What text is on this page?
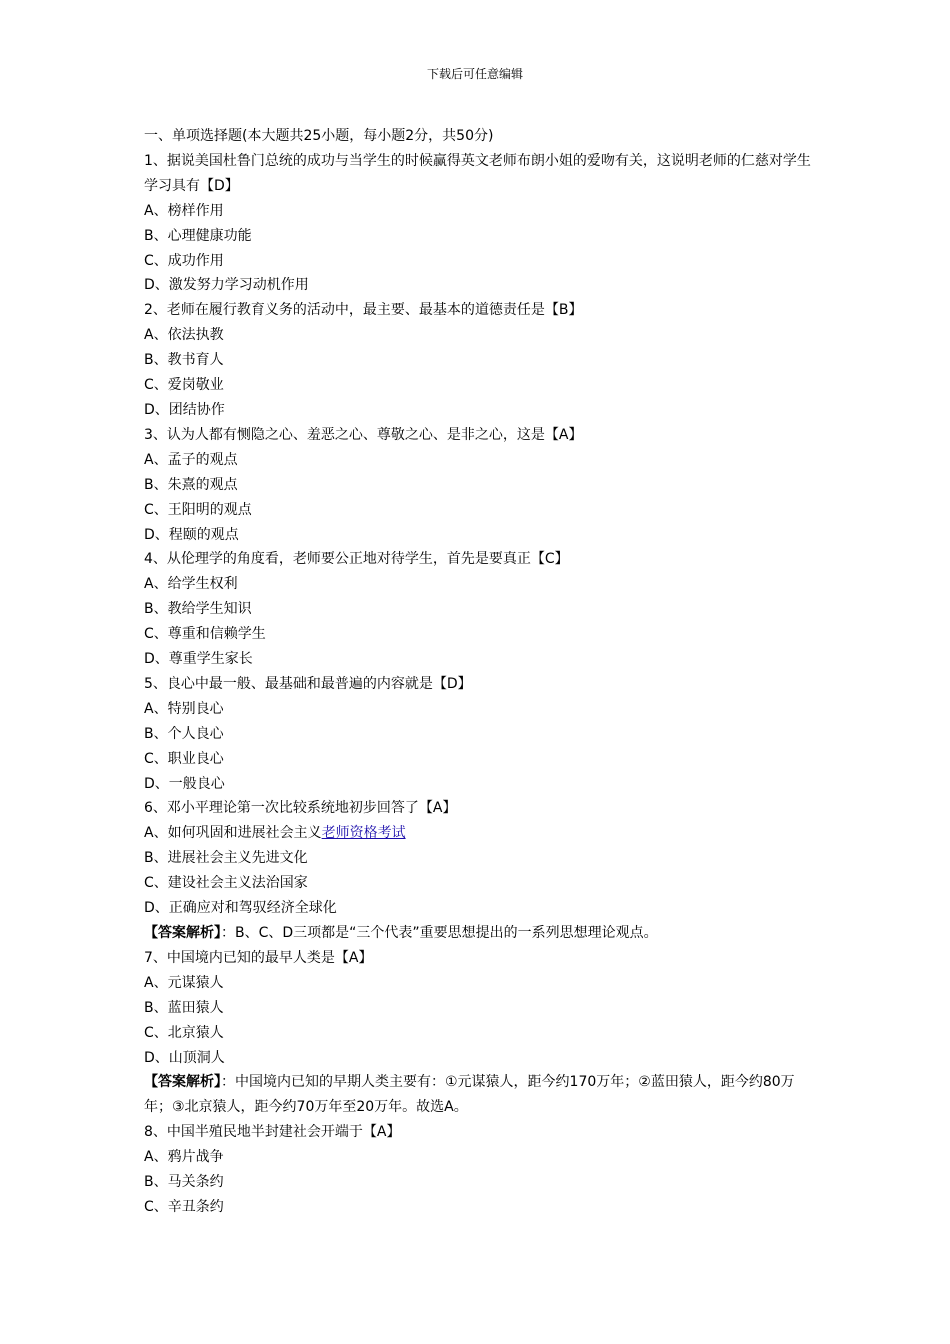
下载后可任意编辑
一、单项选择题(本大题共25小题，每小题2分，共50分)
1、据说美国杜鲁门总统的成功与当学生的时候赢得英文老师布朗小姐的爱吻有关，这说明老师的仁慈对学生学习具有【D】
A、榜样作用
B、心理健康功能
C、成功作用
D、激发努力学习动机作用
2、老师在履行教育义务的活动中，最主要、最基本的道德责任是【B】
A、依法执教
B、教书育人
C、爱岗敬业
D、团结协作
3、认为人都有恻隐之心、羞恶之心、尊敬之心、是非之心，这是【A】
A、孟子的观点
B、朱熹的观点
C、王阳明的观点
D、程颐的观点
4、从伦理学的角度看，老师要公正地对待学生，首先是要真正【C】
A、给学生权利
B、教给学生知识
C、尊重和信赖学生
D、尊重学生家长
5、良心中最一般、最基础和最普遍的内容就是【D】
A、特别良心
B、个人良心
C、职业良心
D、一般良心
6、邓小平理论第一次比较系统地初步回答了【A】
A、如何巩固和进展社会主义老师资格考试
B、进展社会主义先进文化
C、建设社会主义法治国家
D、正确应对和驾驭经济全球化
【答案解析】：B、C、D三项都是“三个代表”重要思想提出的一系列思想理论观点。
7、中国境内已知的最早人类是【A】
A、元谋猿人
B、蓝田猿人
C、北京猿人
D、山顶洞人
【答案解析】：中国境内已知的早期人类主要有：①元谋猿人，距今约170万年；②蓝田猿人，距今约80万年；③北京猿人，距今约70万年至20万年。故选A。
8、中国半殖民地半封建社会开端于【A】
A、鸦片战争
B、马关条约
C、辛丑条约
